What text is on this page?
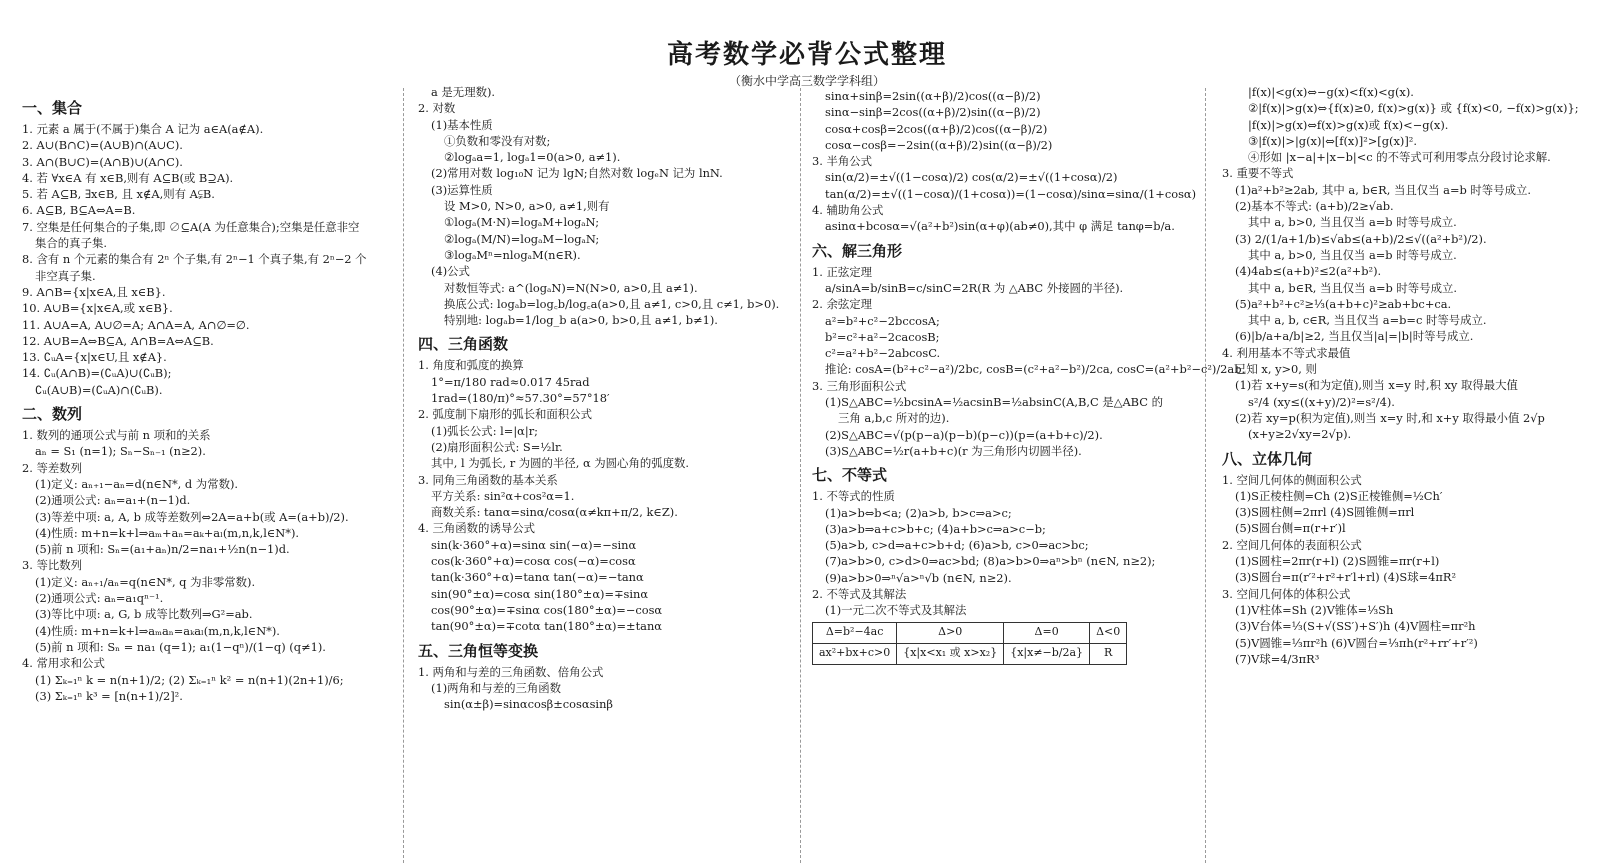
高考数学必背公式整理
（衡水中学高三数学学科组）
一、集合
1. 元素 a 属于(不属于)集合 A 记为 a∈A(a∉A).
2. A∪(B∩C)=(A∪B)∩(A∪C).
3. A∩(B∪C)=(A∩B)∪(A∩C).
4. 若 ∀x∈A 有 x∈B,则有 A⊆B(或 B⊇A).
5. 若 A⊆B, ∃x∈B, 且 x∉A,则有 A⫋B.
6. A⊆B, B⊆A⇔A=B.
7. 空集是任何集合的子集,即 ∅⊆A(A 为任意集合);空集是任意非空
集合的真子集.
8. 含有 n 个元素的集合有 2ⁿ 个子集,有 2ⁿ−1 个真子集,有 2ⁿ−2 个
非空真子集.
9. A∩B={x|x∈A,且 x∈B}.
10. A∪B={x|x∈A,或 x∈B}.
11. A∪A=A, A∪∅=A; A∩A=A, A∩∅=∅.
12. A∪B=A⇔B⊆A, A∩B=A⇔A⊆B.
13. ∁ᵤA={x|x∈U,且 x∉A}.
14. ∁ᵤ(A∩B)=(∁ᵤA)∪(∁ᵤB);
∁ᵤ(A∪B)=(∁ᵤA)∩(∁ᵤB).
二、数列
1. 数列的通项公式与前 n 项和的关系
aₙ = S₁ (n=1); Sₙ−Sₙ₋₁ (n≥2).
2. 等差数列
(1)定义: aₙ₊₁−aₙ=d(n∈N*, d 为常数).
(2)通项公式: aₙ=a₁+(n−1)d.
(3)等差中项: a, A, b 成等差数列⇔2A=a+b(或 A=(a+b)/2).
(4)性质: m+n=k+l⇒aₘ+aₙ=aₖ+aₗ(m,n,k,l∈N*).
(5)前 n 项和: Sₙ=(a₁+aₙ)n/2=na₁+½n(n−1)d.
3. 等比数列
(1)定义: aₙ₊₁/aₙ=q(n∈N*, q 为非零常数).
(2)通项公式: aₙ=a₁qⁿ⁻¹.
(3)等比中项: a, G, b 成等比数列⇒G²=ab.
(4)性质: m+n=k+l⇒aₘaₙ=aₖaₗ(m,n,k,l∈N*).
(5)前 n 项和: Sₙ = na₁ (q=1); a₁(1−qⁿ)/(1−q) (q≠1).
4. 常用求和公式
(1) Σₖ₌₁ⁿ k = n(n+1)/2; (2) Σₖ₌₁ⁿ k² = n(n+1)(2n+1)/6;
(3) Σₖ₌₁ⁿ k³ = [n(n+1)/2]².
a 是无理数).
2. 对数
(1)基本性质
①负数和零没有对数;
②logₐa=1, logₐ1=0(a>0, a≠1).
(2)常用对数 log₁₀N 记为 lgN;自然对数 logₑN 记为 lnN.
(3)运算性质
设 M>0, N>0, a>0, a≠1,则有
①logₐ(M·N)=logₐM+logₐN;
②logₐ(M/N)=logₐM−logₐN;
③logₐMⁿ=nlogₐM(n∈R).
(4)公式
对数恒等式: a^(logₐN)=N(N>0, a>0,且 a≠1).
换底公式: logₐb=log꜀b/log꜀a(a>0,且 a≠1, c>0,且 c≠1, b>0).
特别地: logₐb=1/log_b a(a>0, b>0,且 a≠1, b≠1).
四、三角函数
1. 角度和弧度的换算
1°=π/180 rad≈0.017 45rad
1rad=(180/π)°≈57.30°=57°18′
2. 弧度制下扇形的弧长和面积公式
(1)弧长公式: l=|α|r;
(2)扇形面积公式: S=½lr.
其中, l 为弧长, r 为圆的半径, α 为圆心角的弧度数.
3. 同角三角函数的基本关系
平方关系: sin²α+cos²α=1.
商数关系: tanα=sinα/cosα(α≠kπ+π/2, k∈Z).
4. 三角函数的诱导公式
sin(k·360°+α)=sinα sin(−α)=−sinα
cos(k·360°+α)=cosα cos(−α)=cosα
tan(k·360°+α)=tanα tan(−α)=−tanα
sin(90°±α)=cosα sin(180°±α)=∓sinα
cos(90°±α)=∓sinα cos(180°±α)=−cosα
tan(90°±α)=∓cotα tan(180°±α)=±tanα
五、三角恒等变换
1. 两角和与差的三角函数、倍角公式
(1)两角和与差的三角函数
sin(α±β)=sinαcosβ±cosαsinβ
sinα+sinβ=2sin((α+β)/2)cos((α−β)/2)
sinα−sinβ=2cos((α+β)/2)sin((α−β)/2)
cosα+cosβ=2cos((α+β)/2)cos((α−β)/2)
cosα−cosβ=−2sin((α+β)/2)sin((α−β)/2)
3. 半角公式
sin(α/2)=±√((1−cosα)/2) cos(α/2)=±√((1+cosα)/2)
tan(α/2)=±√((1−cosα)/(1+cosα))=(1−cosα)/sinα=sinα/(1+cosα)
4. 辅助角公式
asinα+bcosα=√(a²+b²)sin(α+φ)(ab≠0),其中 φ 满足 tanφ=b/a.
六、解三角形
1. 正弦定理
a/sinA=b/sinB=c/sinC=2R(R 为 △ABC 外接圆的半径).
2. 余弦定理
a²=b²+c²−2bccosA;
b²=c²+a²−2cacosB;
c²=a²+b²−2abcosC.
推论: cosA=(b²+c²−a²)/2bc, cosB=(c²+a²−b²)/2ca, cosC=(a²+b²−c²)/2ab.
3. 三角形面积公式
(1)S△ABC=½bcsinA=½acsinB=½absinC(A,B,C 是△ABC 的
三角 a,b,c 所对的边).
(2)S△ABC=√(p(p−a)(p−b)(p−c))(p=(a+b+c)/2).
(3)S△ABC=½r(a+b+c)(r 为三角形内切圆半径).
七、不等式
1. 不等式的性质
(1)a>b⇔b<a; (2)a>b, b>c⇒a>c;
(3)a>b⇒a+c>b+c; (4)a+b>c⇒a>c−b;
(5)a>b, c>d⇒a+c>b+d; (6)a>b, c>0⇒ac>bc;
(7)a>b>0, c>d>0⇒ac>bd; (8)a>b>0⇒aⁿ>bⁿ (n∈N, n≥2);
(9)a>b>0⇒ⁿ√a>ⁿ√b (n∈N, n≥2).
2. 不等式及其解法
(1)一元二次不等式及其解法
Δ=b²−4ac	Δ>0	Δ=0	Δ<0
ax²+bx+c>0	{x|x<x₁ 或 x>x₂}	{x|x≠−b/2a}	R
|f(x)|<g(x)⇔−g(x)<f(x)<g(x).
②|f(x)|>g(x)⇔{f(x)≥0, f(x)>g(x)} 或 {f(x)<0, −f(x)>g(x)};
|f(x)|>g(x)⇔f(x)>g(x)或 f(x)<−g(x).
③|f(x)|>|g(x)|⇔[f(x)]²>[g(x)]².
④形如 |x−a|+|x−b|<c 的不等式可利用零点分段讨论求解.
3. 重要不等式
(1)a²+b²≥2ab, 其中 a, b∈R, 当且仅当 a=b 时等号成立.
(2)基本不等式: (a+b)/2≥√ab.
其中 a, b>0, 当且仅当 a=b 时等号成立.
(3) 2/(1/a+1/b)≤√ab≤(a+b)/2≤√((a²+b²)/2).
其中 a, b>0, 当且仅当 a=b 时等号成立.
(4)4ab≤(a+b)²≤2(a²+b²).
其中 a, b∈R, 当且仅当 a=b 时等号成立.
(5)a²+b²+c²≥⅓(a+b+c)²≥ab+bc+ca.
其中 a, b, c∈R, 当且仅当 a=b=c 时等号成立.
(6)|b/a+a/b|≥2, 当且仅当|a|=|b|时等号成立.
4. 利用基本不等式求最值
已知 x, y>0, 则
(1)若 x+y=s(和为定值),则当 x=y 时,积 xy 取得最大值
s²/4 (xy≤((x+y)/2)²=s²/4).
(2)若 xy=p(积为定值),则当 x=y 时,和 x+y 取得最小值 2√p
(x+y≥2√xy=2√p).
八、立体几何
1. 空间几何体的侧面积公式
(1)S正棱柱侧=Ch (2)S正棱锥侧=½Ch′
(3)S圆柱侧=2πrl (4)S圆锥侧=πrl
(5)S圆台侧=π(r+r′)l
2. 空间几何体的表面积公式
(1)S圆柱=2πr(r+l) (2)S圆锥=πr(r+l)
(3)S圆台=π(r′²+r²+r′l+rl) (4)S球=4πR²
3. 空间几何体的体积公式
(1)V柱体=Sh (2)V锥体=⅓Sh
(3)V台体=⅓(S+√(SS′)+S′)h (4)V圆柱=πr²h
(5)V圆锥=⅓πr²h (6)V圆台=⅓πh(r²+rr′+r′²)
(7)V球=4/3πR³
